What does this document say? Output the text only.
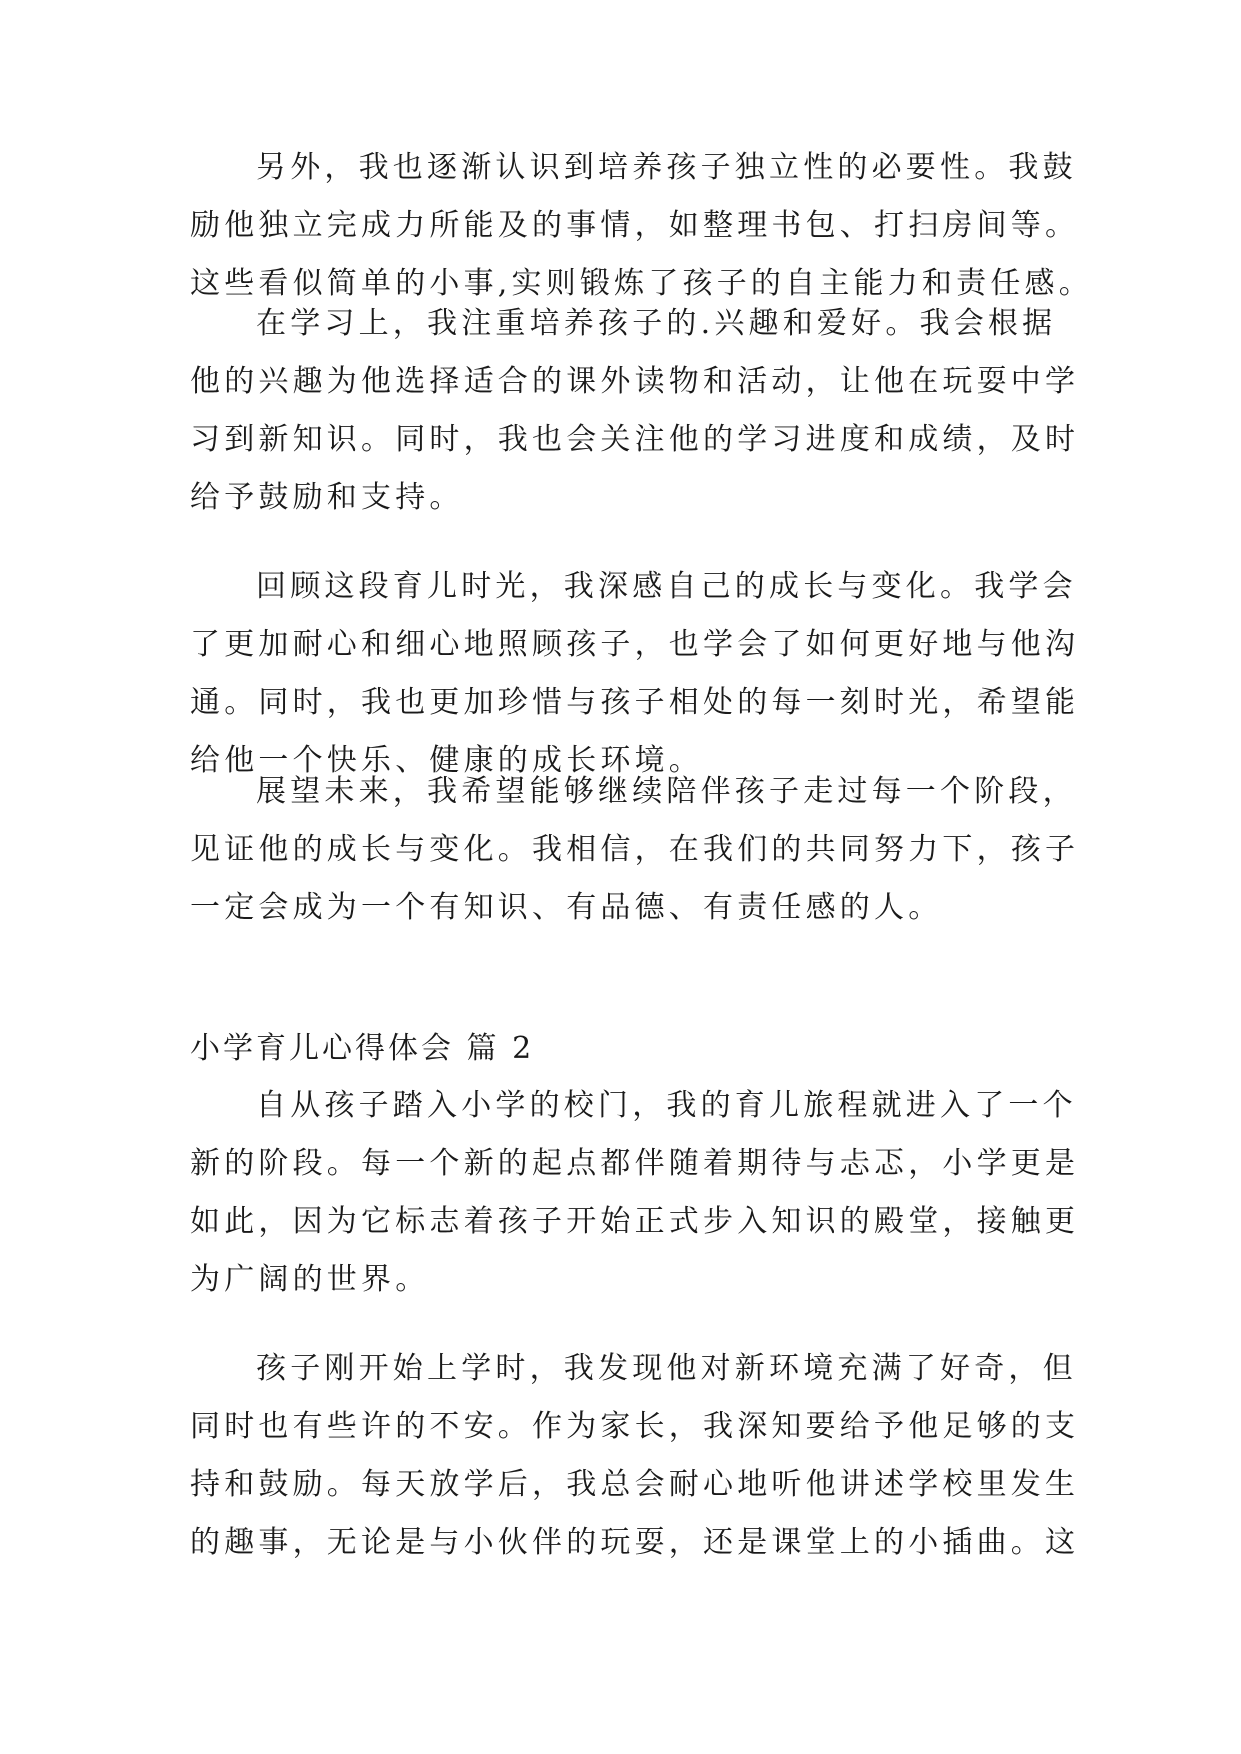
另外，我也逐渐认识到培养孩子独立性的必要性。我鼓
励他独立完成力所能及的事情，如整理书包、打扫房间等。
这些看似简单的小事,实则锻炼了孩子的自主能力和责任感。
在学习上，我注重培养孩子的.兴趣和爱好。我会根据
他的兴趣为他选择适合的课外读物和活动，让他在玩耍中学
习到新知识。同时，我也会关注他的学习进度和成绩，及时
给予鼓励和支持。
回顾这段育儿时光，我深感自己的成长与变化。我学会
了更加耐心和细心地照顾孩子，也学会了如何更好地与他沟
通。同时，我也更加珍惜与孩子相处的每一刻时光，希望能
给他一个快乐、健康的成长环境。
展望未来，我希望能够继续陪伴孩子走过每一个阶段，
见证他的成长与变化。我相信，在我们的共同努力下，孩子
一定会成为一个有知识、有品德、有责任感的人。
小学育儿心得体会 篇 2
自从孩子踏入小学的校门，我的育儿旅程就进入了一个
新的阶段。每一个新的起点都伴随着期待与忐忑，小学更是
如此，因为它标志着孩子开始正式步入知识的殿堂，接触更
为广阔的世界。
孩子刚开始上学时，我发现他对新环境充满了好奇，但
同时也有些许的不安。作为家长，我深知要给予他足够的支
持和鼓励。每天放学后，我总会耐心地听他讲述学校里发生
的趣事，无论是与小伙伴的玩耍，还是课堂上的小插曲。这
